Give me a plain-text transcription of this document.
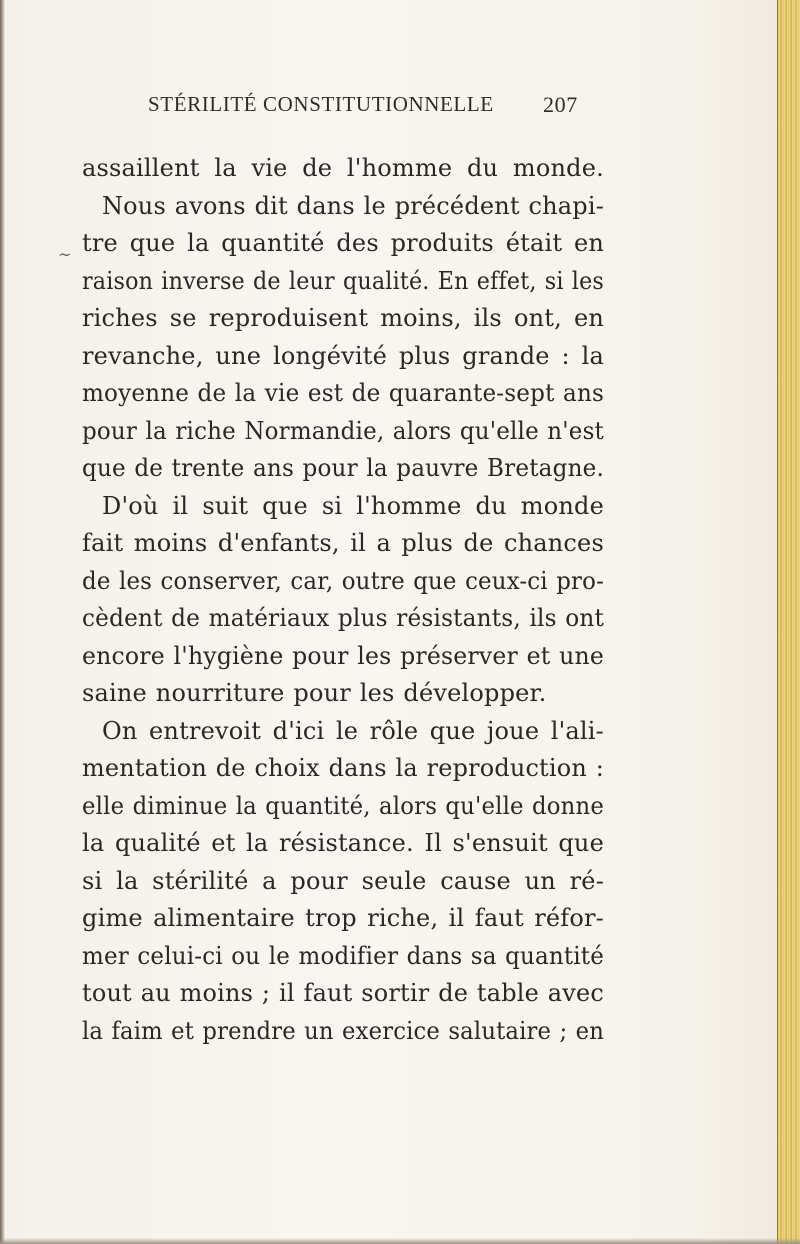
STÉRILITÉ CONSTITUTIONNELLE 207
~
assaillent la vie de l'homme du monde.
Nous avons dit dans le précédent chapi-
tre que la quantité des produits était en
raison inverse de leur qualité. En effet, si les
riches se reproduisent moins, ils ont, en
revanche, une longévité plus grande : la
moyenne de la vie est de quarante-sept ans
pour la riche Normandie, alors qu'elle n'est
que de trente ans pour la pauvre Bretagne.
D'où il suit que si l'homme du monde
fait moins d'enfants, il a plus de chances
de les conserver, car, outre que ceux-ci pro-
cèdent de matériaux plus résistants, ils ont
encore l'hygiène pour les préserver et une
saine nourriture pour les développer.
On entrevoit d'ici le rôle que joue l'ali-
mentation de choix dans la reproduction :
elle diminue la quantité, alors qu'elle donne
la qualité et la résistance. Il s'ensuit que
si la stérilité a pour seule cause un ré-
gime alimentaire trop riche, il faut réfor-
mer celui-ci ou le modifier dans sa quantité
tout au moins ; il faut sortir de table avec
la faim et prendre un exercice salutaire ; en
